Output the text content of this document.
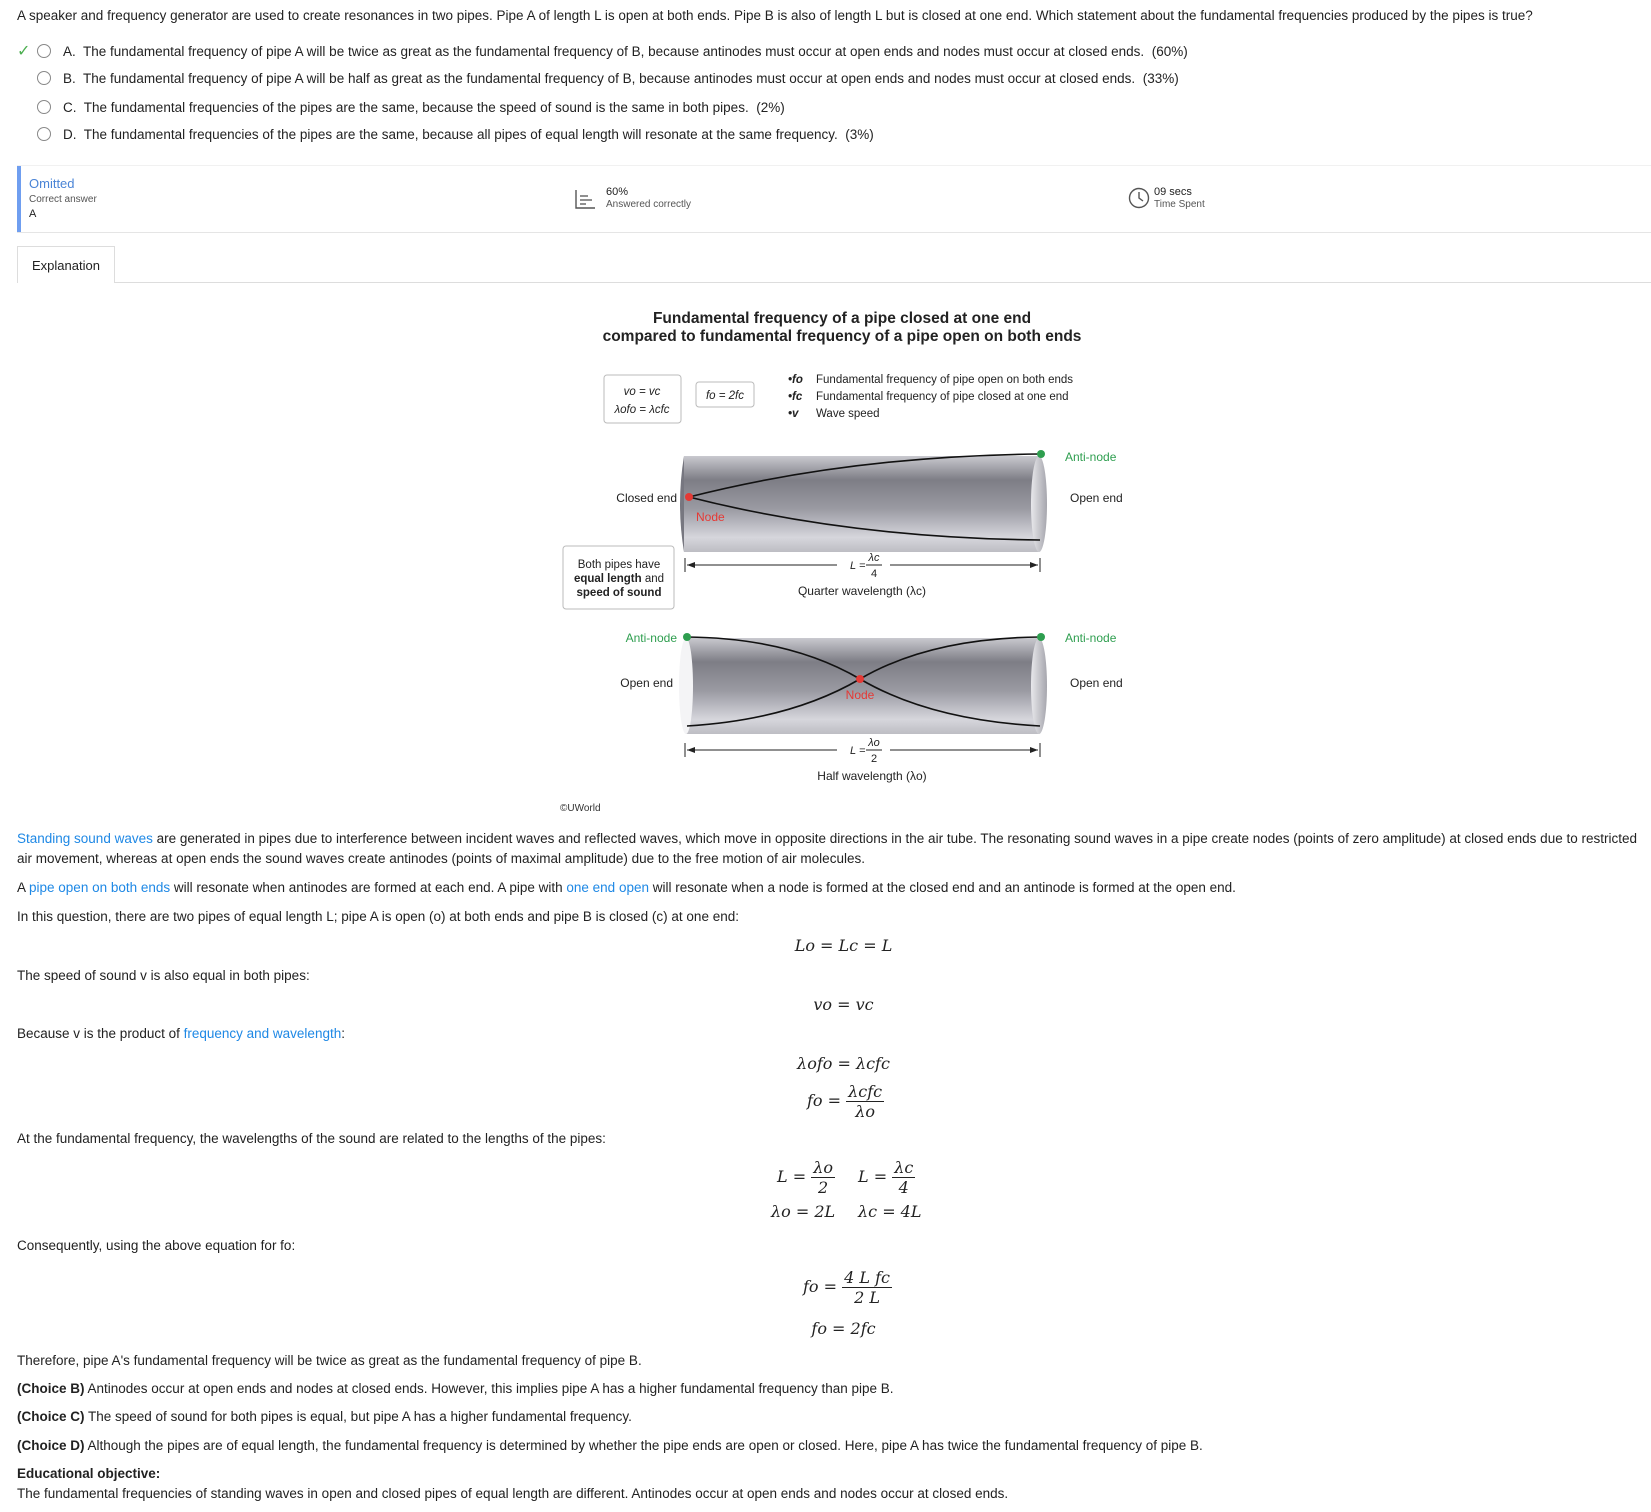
A speaker and frequency generator are used to create resonances in two pipes. Pipe A of length L is open at both ends. Pipe B is also of length L but is closed at one end. Which statement about the fundamental frequencies produced by the pipes is true?
✓	A. The fundamental frequency of pipe A will be twice as great as the fundamental frequency of B, because antinodes must occur at open ends and nodes must occur at closed ends. (60%)
B. The fundamental frequency of pipe A will be half as great as the fundamental frequency of B, because antinodes must occur at open ends and nodes must occur at closed ends. (33%)
C. The fundamental frequencies of the pipes are the same, because the speed of sound is the same in both pipes. (2%)
D. The fundamental frequencies of the pipes are the same, because all pipes of equal length will resonate at the same frequency. (3%)
Omitted
Correct answer
A
60%
Answered correctly
09 secs
Time Spent
Explanation
Fundamental frequency of a pipe closed at one end
compared to fundamental frequency of a pipe open on both ends
vo = vc
λofo = λcfc
fo = 2fc
•fo Fundamental frequency of pipe open on both ends
•fc Fundamental frequency of pipe closed at one end
•v Wave speed
Closed end
Node
Anti-node
Open end
Both pipes have
equal length and
speed of sound
L =
λc
4
Quarter wavelength (λc)
Anti-node
Open end
Node
Anti-node
Open end
L =
λo
2
Half wavelength (λo)
©UWorld
Standing sound waves are generated in pipes due to interference between incident waves and reflected waves, which move in opposite directions in the air tube. The resonating sound waves in a pipe create nodes (points of zero amplitude) at closed ends due to restricted air movement, whereas at open ends the sound waves create antinodes (points of maximal amplitude) due to the free motion of air molecules.
A pipe open on both ends will resonate when antinodes are formed at each end. A pipe with one end open will resonate when a node is formed at the closed end and an antinode is formed at the open end.
In this question, there are two pipes of equal length L; pipe A is open (o) at both ends and pipe B is closed (c) at one end:
Lo = Lc = L
The speed of sound v is also equal in both pipes:
vo = vc
Because v is the product of frequency and wavelength:
λofo = λcfc
fo = $\frac{\text{λcfc}}{\lambda o}$
At the fundamental frequency, the wavelengths of the sound are related to the lengths of the pipes:
$L = \frac{\lambda o}{2}$ $L = \frac{\lambda c}{4}$
λo = 2L λc = 4L
Consequently, using the above equation for fo:
fo = $\frac{\text{4 L fc}}{2 L}$
fo = 2fc
Therefore, pipe A's fundamental frequency will be twice as great as the fundamental frequency of pipe B.
(Choice B) Antinodes occur at open ends and nodes at closed ends. However, this implies pipe A has a higher fundamental frequency than pipe B.
(Choice C) The speed of sound for both pipes is equal, but pipe A has a higher fundamental frequency.
(Choice D) Although the pipes are of equal length, the fundamental frequency is determined by whether the pipe ends are open or closed. Here, pipe A has twice the fundamental frequency of pipe B.
Educational objective:
The fundamental frequencies of standing waves in open and closed pipes of equal length are different. Antinodes occur at open ends and nodes occur at closed ends.
